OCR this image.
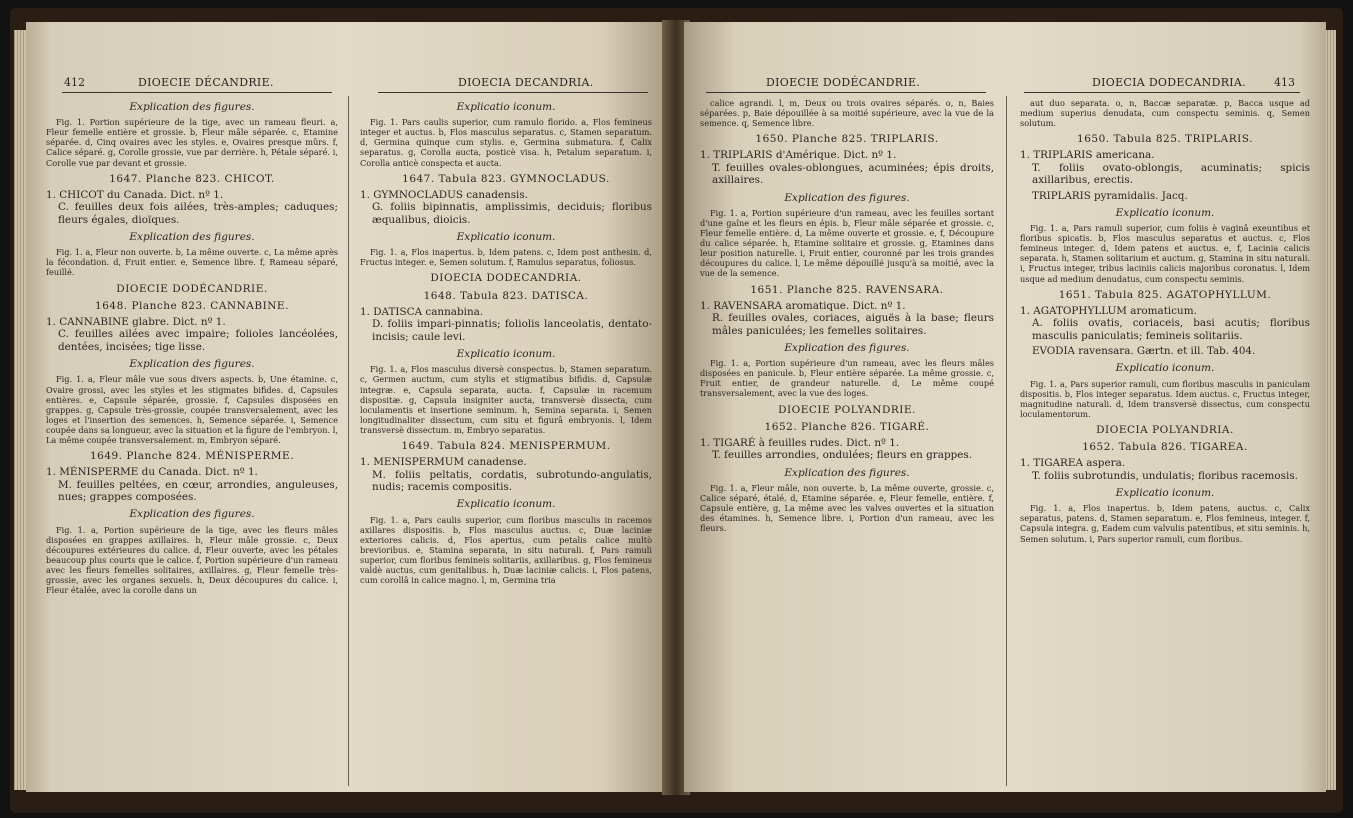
412	DIOECIE DÉCANDRIE.	DIOECIA DECANDRIA.
Explication des figures.
Fig. 1. Portion supérieure de la tige, avec un rameau fleuri. a, Fleur femelle entière et grossie. b, Fleur mâle séparée. c, Etamine séparée. d, Cinq ovaires avec les styles. e, Ovaires presque mûrs. f, Calice séparé. g, Corolle grossie, vue par derrière. h, Pétale séparé. i, Corolle vue par devant et grossie.
1647. Planche 823. CHICOT.
1. CHICOT du Canada. Dict. nº 1.
C. feuilles deux fois ailées, très-amples; caduques; fleurs égales, dioïques.
Explication des figures.
Fig. 1. a, Fleur non ouverte. b, La même ouverte. c, La même après la fécondation. d, Fruit entier. e, Semence libre. f, Rameau séparé, feuillé.
DIOECIE DODÉCANDRIE.
1648. Planche 823. CANNABINE.
1. CANNABINE glabre. Dict. nº 1.
C. feuilles ailées avec impaire; folioles lancéolées, dentées, incisées; tige lisse.
Explication des figures.
Fig. 1. a, Fleur mâle vue sous divers aspects. b, Une étamine. c, Ovaire grossi, avec les styles et les stigmates bifides. d, Capsules entières. e, Capsule séparée, grossie. f, Capsules disposées en grappes. g, Capsule très-grossie, coupée transversalement, avec les loges et l'insertion des semences. h, Semence séparée. i, Semence coupée dans sa longueur, avec la situation et la figure de l'embryon. l, La même coupée transversalement. m, Embryon séparé.
1649. Planche 824. MÉNISPERME.
1. MÉNISPERME du Canada. Dict. nº 1.
M. feuilles peltées, en cœur, arrondies, anguleuses, nues; grappes composées.
Explication des figures.
Fig. 1. a, Portion supérieure de la tige, avec les fleurs mâles disposées en grappes axillaires. b, Fleur mâle grossie. c, Deux découpures extérieures du calice. d, Fleur ouverte, avec les pétales beaucoup plus courts que le calice. f, Portion supérieure d'un rameau avec les fleurs femelles solitaires, axillaires. g, Fleur femelle très-grossie, avec les organes sexuels. h, Deux découpures du calice. i, Fleur étalée, avec la corolle dans un
Explicatio iconum.
Fig. 1. Pars caulis superior, cum ramulo florido. a, Flos femineus integer et auctus. b, Flos masculus separatus. c, Stamen separatum. d, Germina quinque cum stylis. e, Germina submatura. f, Calix separatus. g, Corolla aucta, posticè visa. h, Petalum separatum. i, Corolla anticè conspecta et aucta.
1647. Tabula 823. GYMNOCLADUS.
1. GYMNOCLADUS canadensis.
G. foliis bipinnatis, amplissimis, deciduis; floribus æqualibus, dioicis.
Explicatio iconum.
Fig. 1. a, Flos inapertus. b, Idem patens. c, Idem post anthesin. d, Fructus integer. e, Semen solutum. f, Ramulus separatus, foliosus.
DIOECIA DODECANDRIA.
1648. Tabula 823. DATISCA.
1. DATISCA cannabina.
D. foliis impari-pinnatis; foliolis lanceolatis, dentato-incisis; caule levi.
Explicatio iconum.
Fig. 1. a, Flos masculus diversè conspectus. b, Stamen separatum. c, Germen auctum, cum stylis et stigmatibus bifidis. d, Capsulæ integræ. e, Capsula separata, aucta. f, Capsulæ in racemum dispositæ. g, Capsula insigniter aucta, transversè dissecta, cum loculamentis et insertione seminum. h, Semina separata. i, Semen longitudinaliter dissectum, cum situ et figurâ embryonis. l, Idem transversè dissectum. m, Embryo separatus.
1649. Tabula 824. MENISPERMUM.
1. MENISPERMUM canadense.
M. foliis peltatis, cordatis, subrotundo-angulatis, nudis; racemis compositis.
Explicatio iconum.
Fig. 1. a, Pars caulis superior, cum floribus masculis in racemos axillares dispositis. b, Flos masculus auctus. c, Duæ laciniæ exteriores calicis. d, Flos apertus, cum petalis calice multò brevioribus. e, Stamina separata, in situ naturali. f, Pars ramuli superior, cum floribus femineis solitariis, axillaribus. g, Flos femineus valdè auctus, cum genitalibus. h, Duæ laciniæ calicis. i, Flos patens, cum corollâ in calice magno. l, m, Germina tria
DIOECIE DODÉCANDRIE.	DIOECIA DODECANDRIA.	413
calice agrandi. l, m, Deux ou trois ovaires séparés. o, n, Baies séparées. p, Baie dépouillée à sa moitié supérieure, avec la vue de la semence. q, Semence libre.
1650. Planche 825. TRIPLARIS.
1. TRIPLARIS d'Amérique. Dict. nº 1.
T. feuilles ovales-oblongues, acuminées; épis droits, axillaires.
Explication des figures.
Fig. 1. a, Portion supérieure d'un rameau, avec les feuilles sortant d'une gaîne et les fleurs en épis. b, Fleur mâle séparée et grossie. c, Fleur femelle entière. d, La même ouverte et grossie. e, f, Découpure du calice séparée. h, Etamine solitaire et grossie. g, Etamines dans leur position naturelle. i, Fruit entier, couronné par les trois grandes découpures du calice. l, Le même dépouillé jusqu'à sa moitié, avec la vue de la semence.
1651. Planche 825. RAVENSARA.
1. RAVENSARA aromatique. Dict. nº 1.
R. feuilles ovales, coriaces, aiguës à la base; fleurs mâles paniculées; les femelles solitaires.
Explication des figures.
Fig. 1. a, Portion supérieure d'un rameau, avec les fleurs mâles disposées en panicule. b, Fleur entière séparée. La même grossie. c, Fruit entier, de grandeur naturelle. d, Le même coupé transversalement, avec la vue des loges.
DIOECIE POLYANDRIE.
1652. Planche 826. TIGARÉ.
1. TIGARÉ à feuilles rudes. Dict. nº 1.
T. feuilles arrondies, ondulées; fleurs en grappes.
Explication des figures.
Fig. 1. a, Fleur mâle, non ouverte. b, La même ouverte, grossie. c, Calice séparé, étalé. d, Etamine séparée. e, Fleur femelle, entière. f, Capsule entière, g, La même avec les valves ouvertes et la situation des étamines. h, Semence libre. i, Portion d'un rameau, avec les fleurs.
aut duo separata. o, n, Baccæ separatæ. p, Bacca usque ad medium superius denudata, cum conspectu seminis. q, Semen solutum.
1650. Tabula 825. TRIPLARIS.
1. TRIPLARIS americana.
T. foliis ovato-oblongis, acuminatis; spicis axillaribus, erectis.
TRIPLARIS pyramidalis. Jacq.
Explicatio iconum.
Fig. 1. a, Pars ramuli superior, cum foliis è vaginâ exeuntibus et floribus spicatis. b, Flos masculus separatus et auctus. c, Flos femineus integer. d, Idem patens et auctus. e, f, Lacinia calicis separata. h, Stamen solitarium et auctum. g, Stamina in situ naturali. i, Fructus integer, tribus laciniis calicis majoribus coronatus. l, Idem usque ad medium denudatus, cum conspectu seminis.
1651. Tabula 825. AGATOPHYLLUM.
1. AGATOPHYLLUM aromaticum.
A. foliis ovatis, coriaceis, basi acutis; floribus masculis paniculatis; femineis solitariis.
EVODIA ravensara. Gærtn. et ill. Tab. 404.
Explicatio iconum.
Fig. 1. a, Pars superior ramuli, cum floribus masculis in paniculam dispositis. b, Flos integer separatus. Idem auctus. c, Fructus integer, magnitudine naturali. d, Idem transversè dissectus, cum conspectu loculamentorum.
DIOECIA POLYANDRIA.
1652. Tabula 826. TIGAREA.
1. TIGAREA aspera.
T. foliis subrotundis, undulatis; floribus racemosis.
Explicatio iconum.
Fig. 1. a, Flos inapertus. b, Idem patens, auctus. c, Calix separatus, patens. d, Stamen separatum. e, Flos femineus, integer. f, Capsula integra. g, Eadem cum valvulis patentibus, et situ seminis. h, Semen solutum. i, Pars superior ramuli, cum floribus.
